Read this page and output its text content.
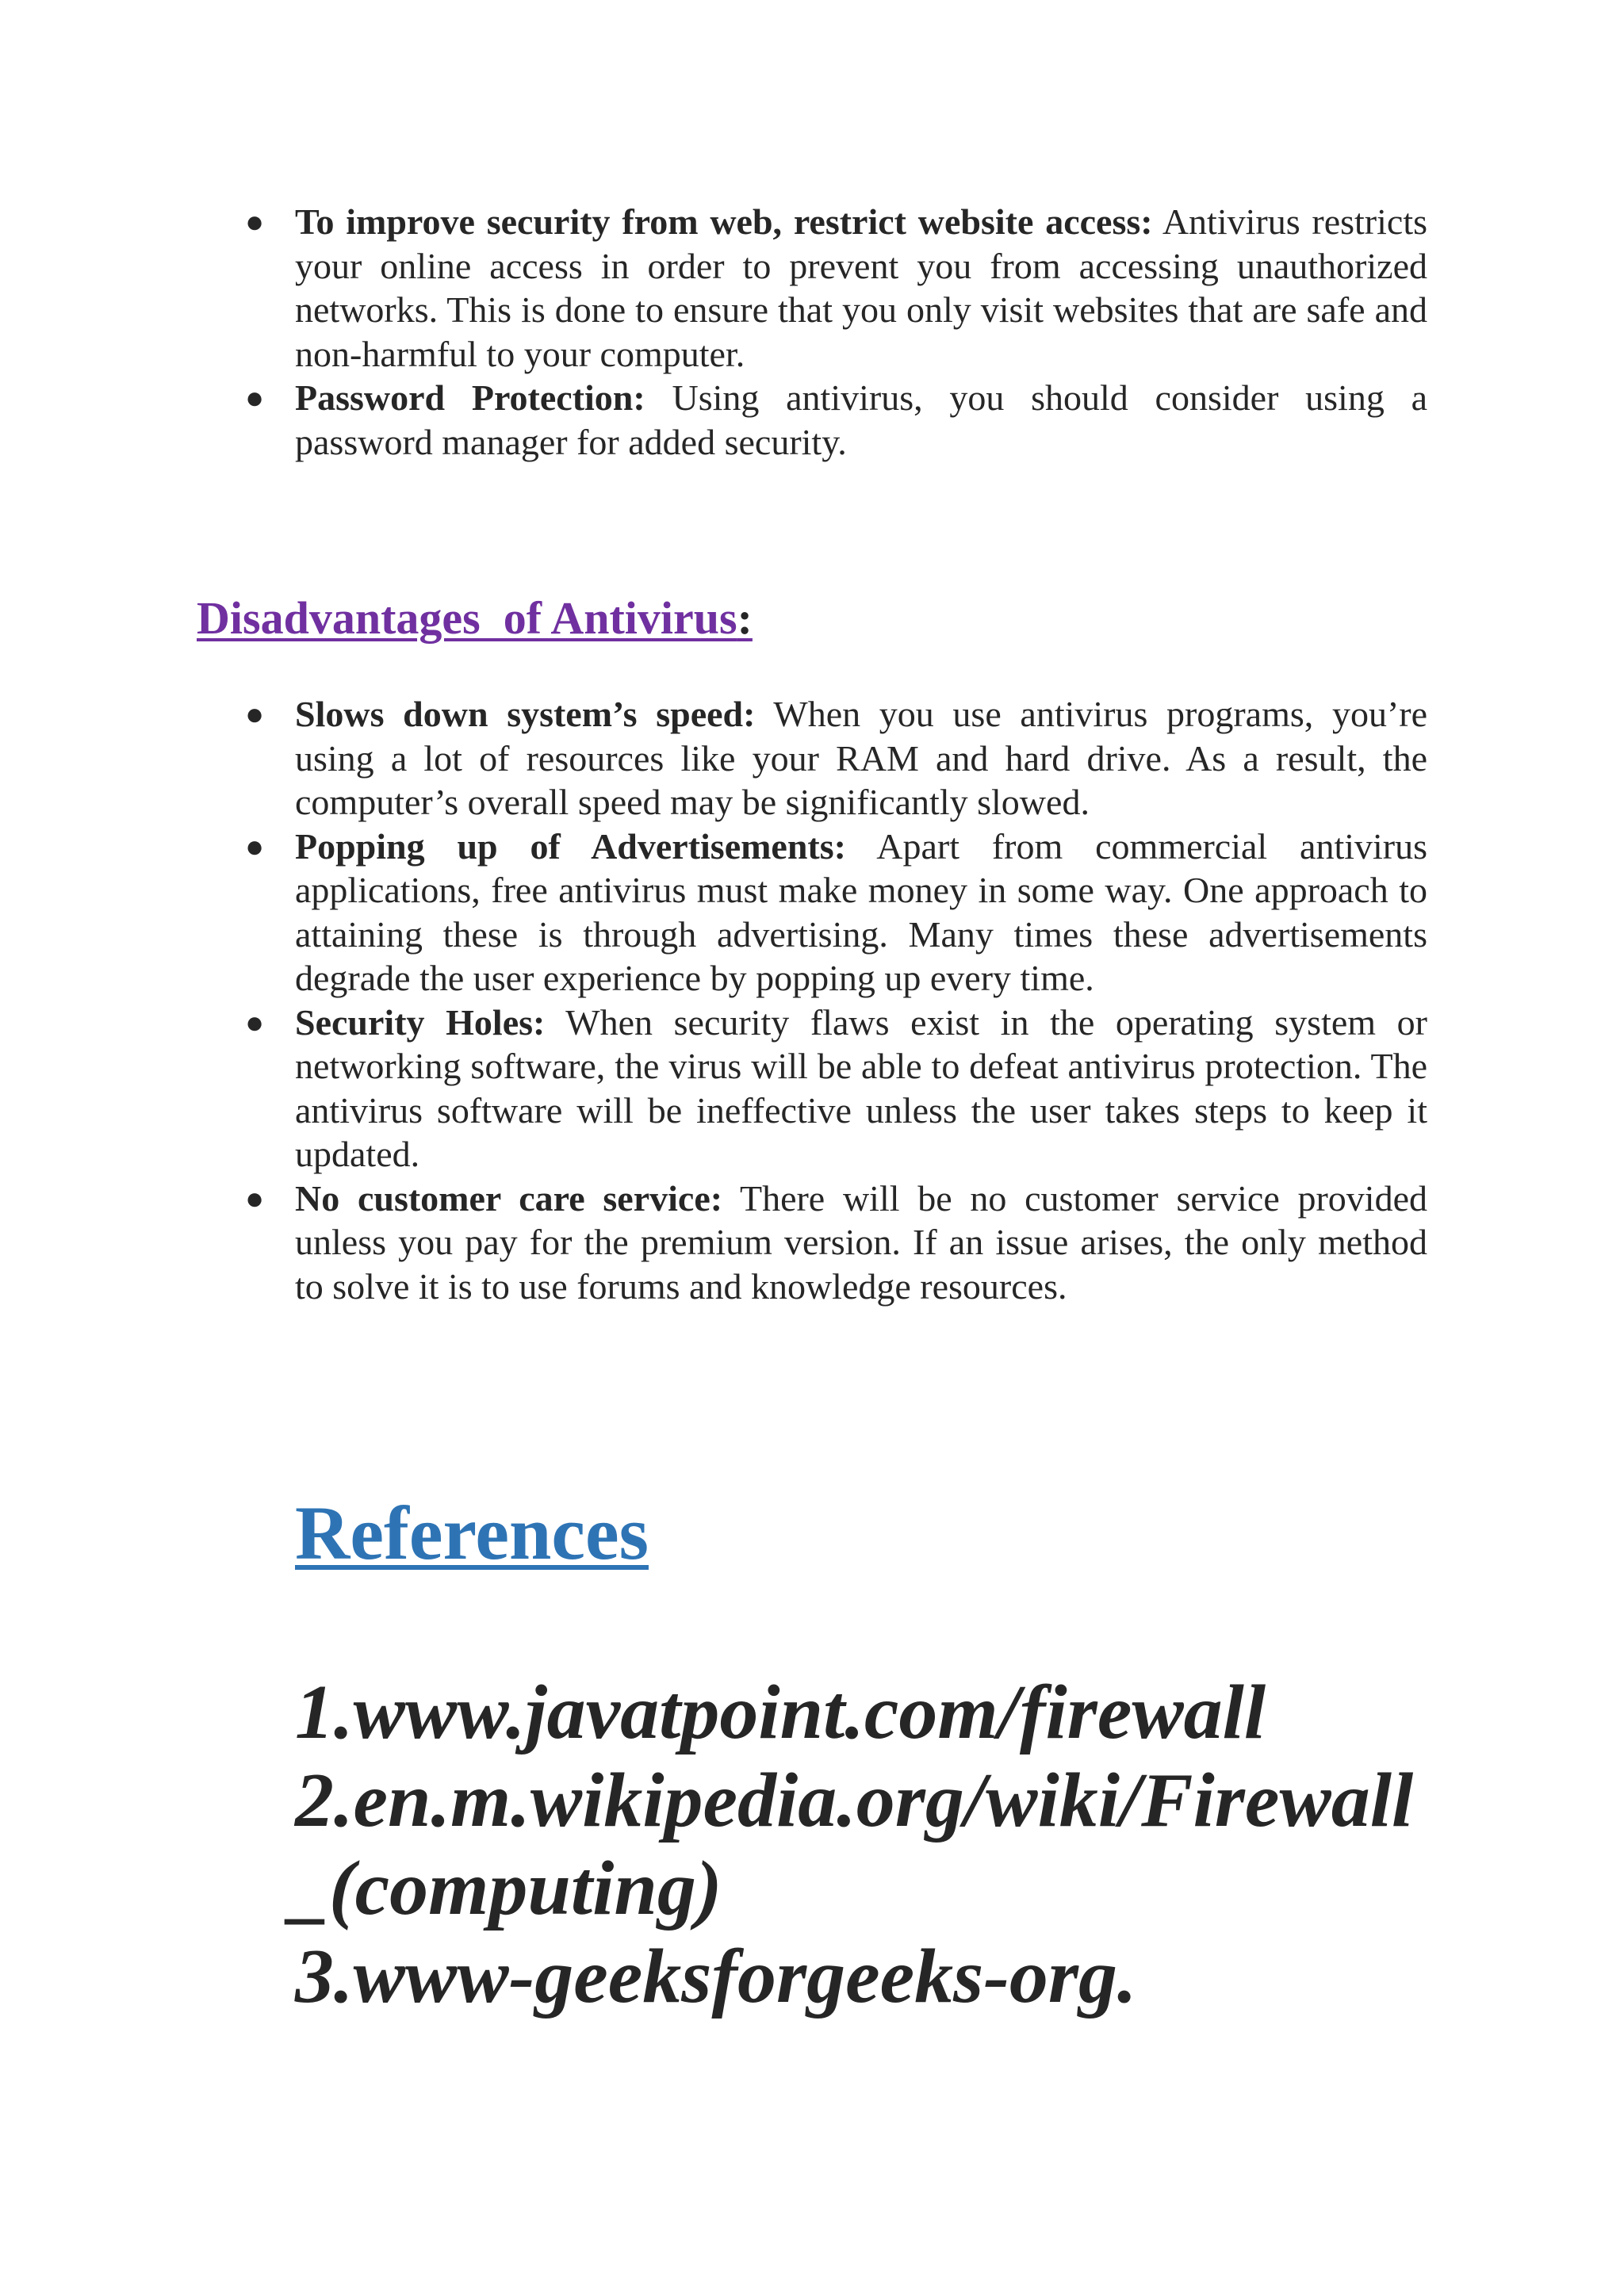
● To improve security from web, restrict website access: Antivirus restricts your online access in order to prevent you from accessing unauthorized networks. This is done to ensure that you only visit websites that are safe and non-harmful to your computer.
● Password Protection: Using antivirus, you should consider using a password manager for added security.
Disadvantages  of Antivirus:
● Slows down system’s speed: When you use antivirus programs, you’re using a lot of resources like your RAM and hard drive. As a result, the computer’s overall speed may be significantly slowed.
● Popping up of Advertisements: Apart from commercial antivirus applications, free antivirus must make money in some way. One approach to attaining these is through advertising. Many times these advertisements degrade the user experience by popping up every time.
● Security Holes: When security flaws exist in the operating system or networking software, the virus will be able to defeat antivirus protection. The antivirus software will be ineffective unless the user takes steps to keep it updated.
● No customer care service: There will be no customer service provided unless you pay for the premium version. If an issue arises, the only method to solve it is to use forums and knowledge resources.
References
1.www.javatpoint.com/firewall
2.en.m.wikipedia.org/wiki/Firewall
_(computing)
3.www-geeksforgeeks-org.
